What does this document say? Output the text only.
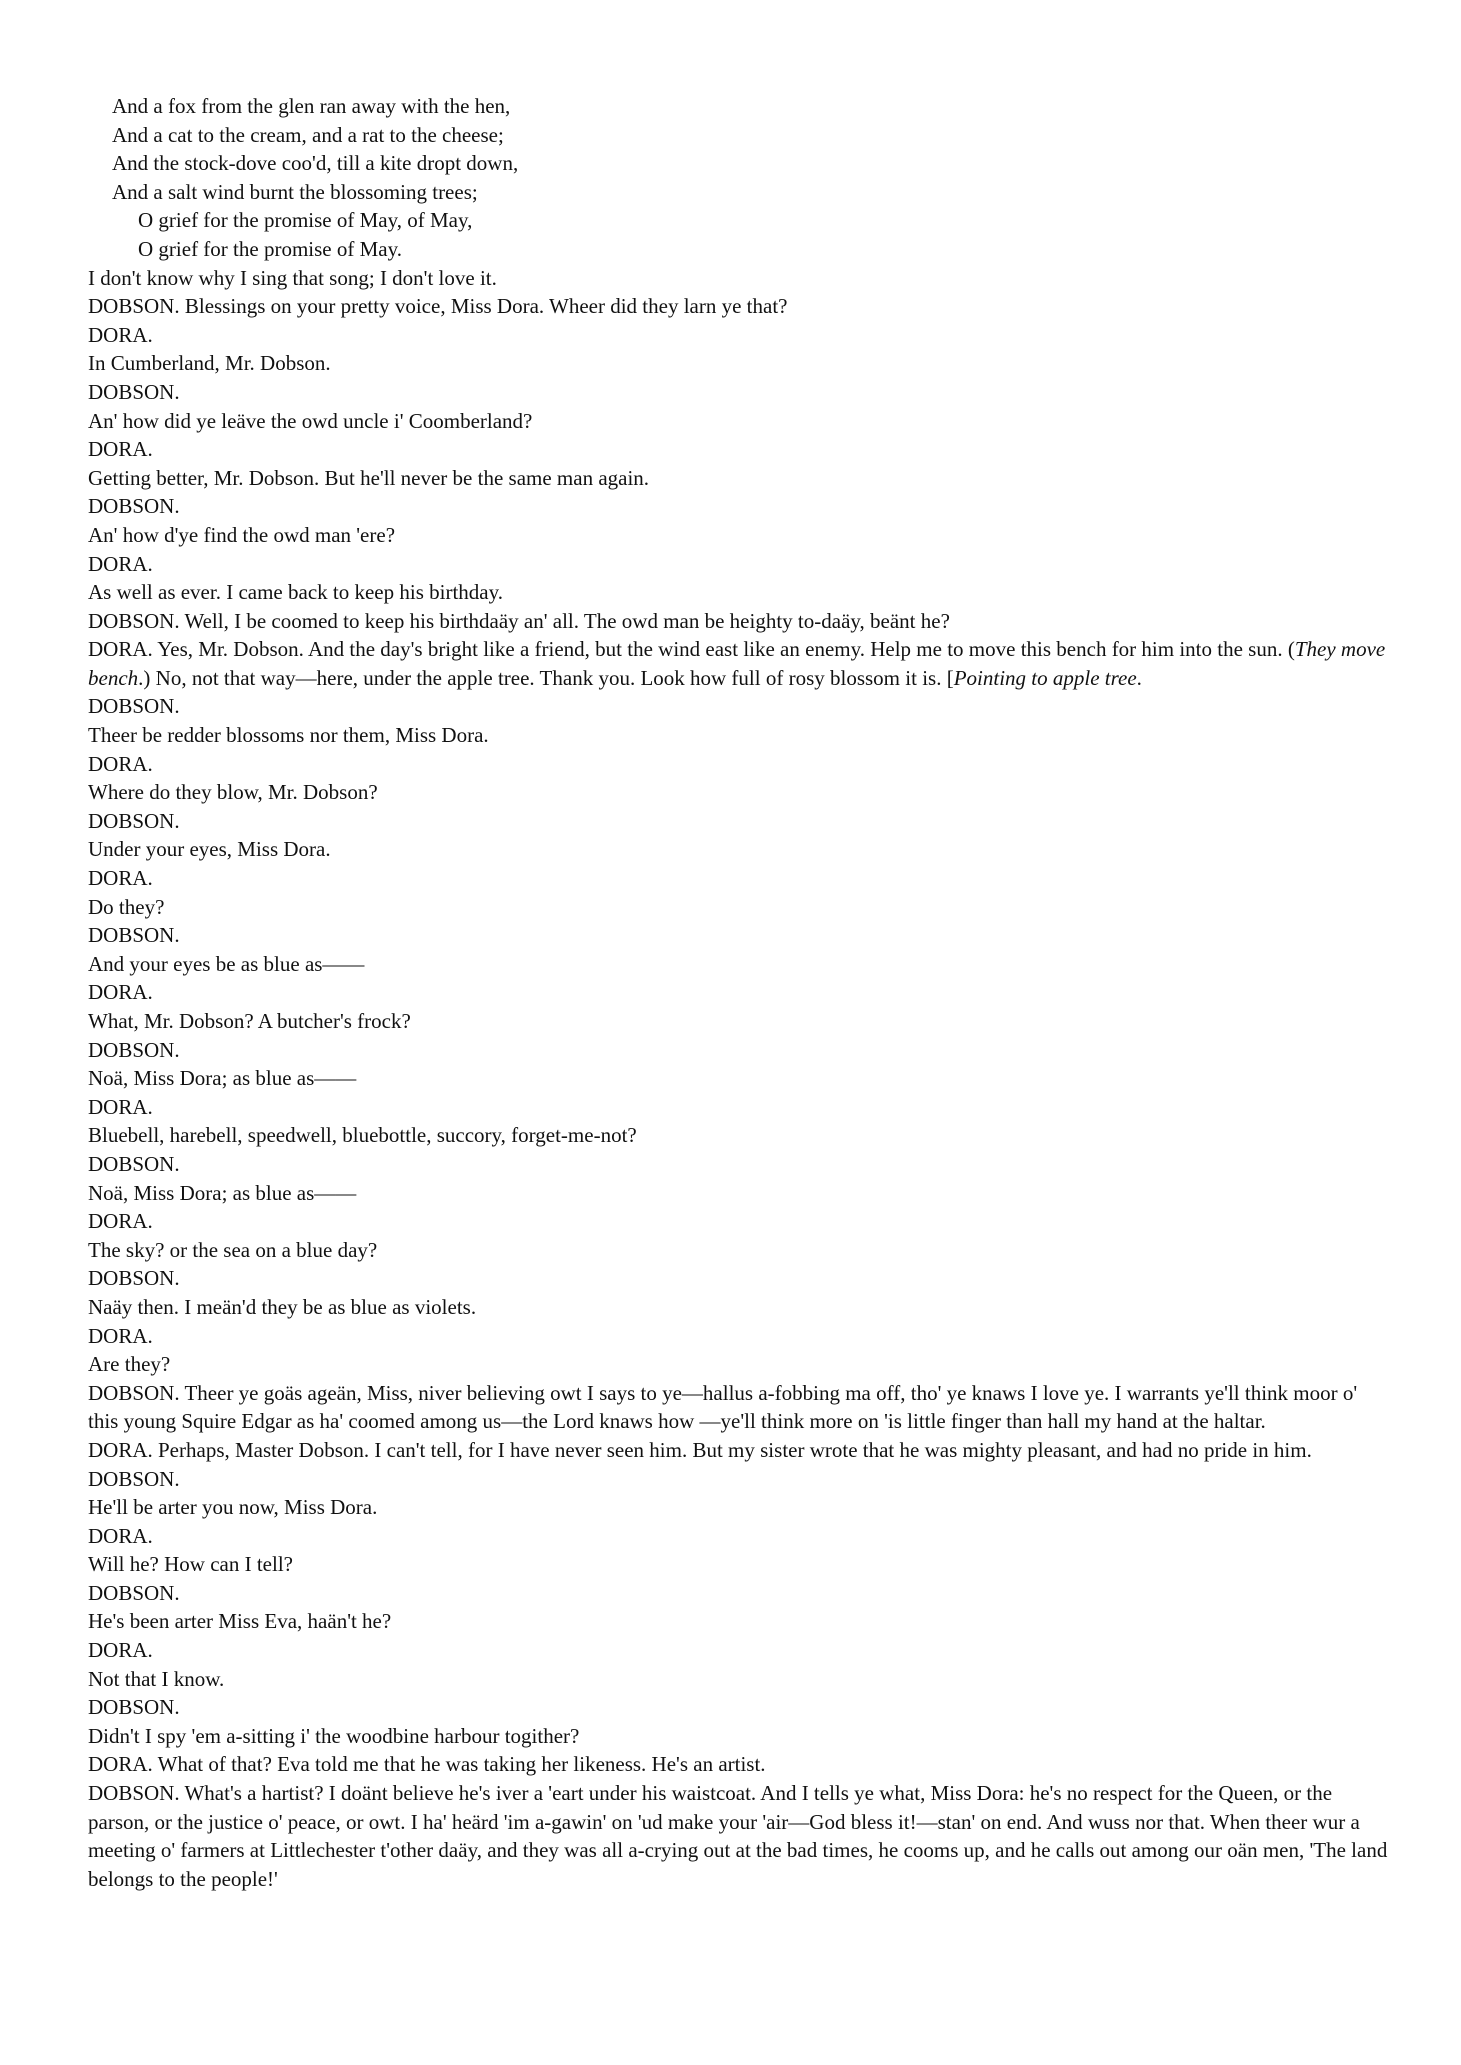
And a fox from the glen ran away with the hen,

And a cat to the cream, and a rat to the cheese;

And the stock-dove coo'd, till a kite dropt down,

And a salt wind burnt the blossoming trees;

O grief for the promise of May, of May,

O grief for the promise of May.

I don't know why I sing that song; I don't love it.

DOBSON. Blessings on your pretty voice, Miss Dora. Wheer did they larn ye that?

DORA.

In Cumberland, Mr. Dobson.

DOBSON.

An' how did ye leäve the owd uncle i' Coomberland?

DORA.

Getting better, Mr. Dobson. But he'll never be the same man again.

DOBSON.

An' how d'ye find the owd man 'ere?

DORA.

As well as ever. I came back to keep his birthday.

DOBSON. Well, I be coomed to keep his birthdaäy an' all. The owd man be heighty to-daäy, beänt he?

DORA. Yes, Mr. Dobson. And the day's bright like a friend, but the wind east like an enemy. Help me to move this bench for him into the sun. (They move bench.) No, not that way—here, under the apple tree. Thank you. Look how full of rosy blossom it is. [Pointing to apple tree.

DOBSON.

Theer be redder blossoms nor them, Miss Dora.

DORA.

Where do they blow, Mr. Dobson?

DOBSON.

Under your eyes, Miss Dora.

DORA.

Do they?

DOBSON.

And your eyes be as blue as——

DORA.

What, Mr. Dobson? A butcher's frock?

DOBSON.

Noä, Miss Dora; as blue as——

DORA.

Bluebell, harebell, speedwell, bluebottle, succory, forget-me-not?

DOBSON.

Noä, Miss Dora; as blue as——

DORA.

The sky? or the sea on a blue day?

DOBSON.

Naäy then. I meän'd they be as blue as violets.

DORA.

Are they?

DOBSON. Theer ye goäs ageän, Miss, niver believing owt I says to ye—hallus a-fobbing ma off, tho' ye knaws I love ye. I warrants ye'll think moor o' this young Squire Edgar as ha' coomed among us—the Lord knaws how —ye'll think more on 'is little finger than hall my hand at the haltar.

DORA. Perhaps, Master Dobson. I can't tell, for I have never seen him. But my sister wrote that he was mighty pleasant, and had no pride in him.

DOBSON.

He'll be arter you now, Miss Dora.

DORA.

Will he? How can I tell?

DOBSON.

He's been arter Miss Eva, haän't he?

DORA.

Not that I know.

DOBSON.

Didn't I spy 'em a-sitting i' the woodbine harbour togither?

DORA. What of that? Eva told me that he was taking her likeness. He's an artist.

DOBSON. What's a hartist? I doänt believe he's iver a 'eart under his waistcoat. And I tells ye what, Miss Dora: he's no respect for the Queen, or the parson, or the justice o' peace, or owt. I ha' heärd 'im a-gawin' on 'ud make your 'air—God bless it!—stan' on end. And wuss nor that. When theer wur a meeting o' farmers at Littlechester t'other daäy, and they was all a-crying out at the bad times, he cooms up, and he calls out among our oän men, 'The land belongs to the people!'
